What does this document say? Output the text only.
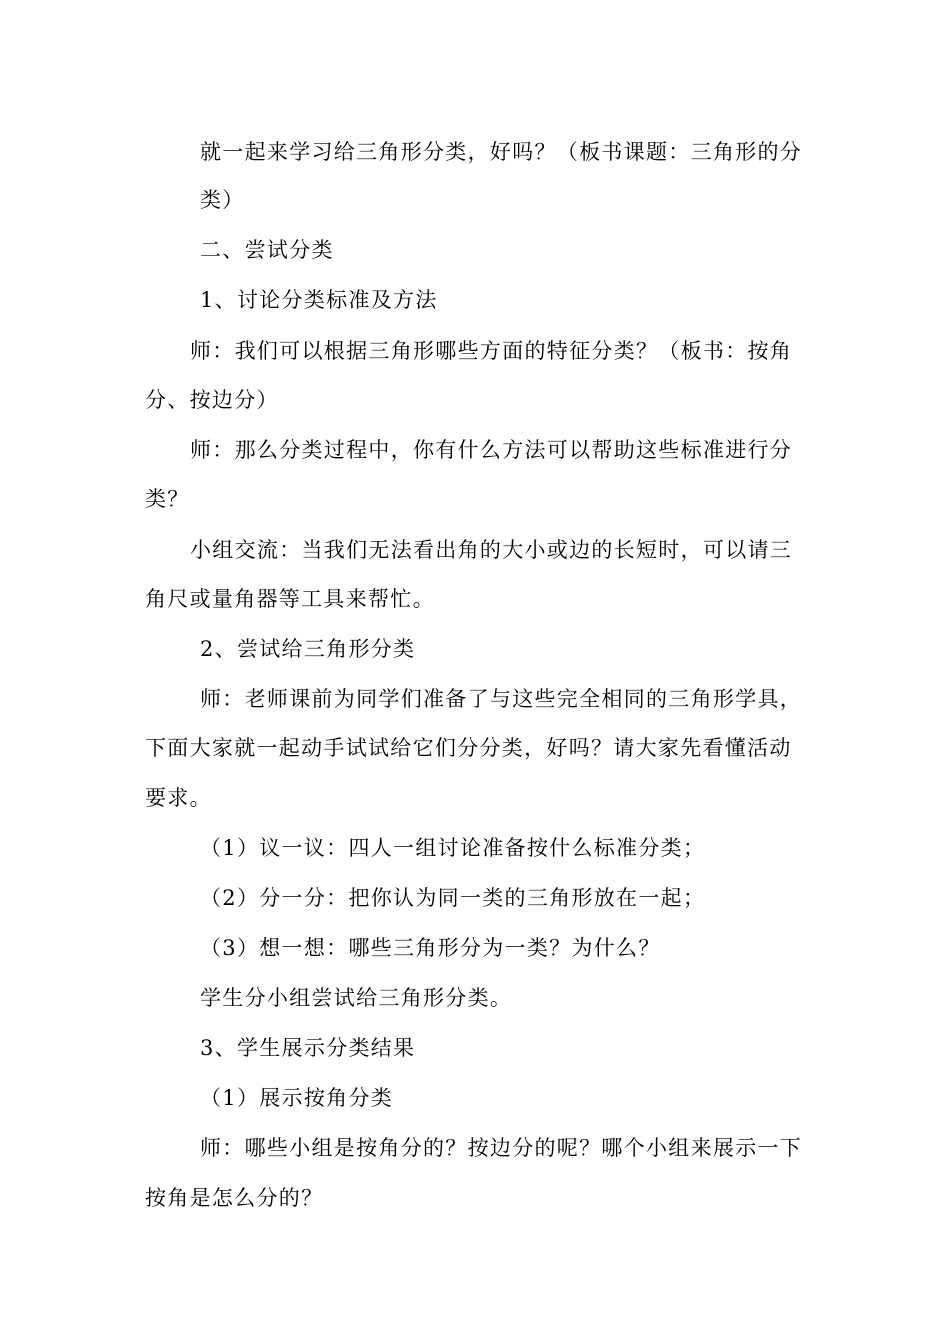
就一起来学习给三角形分类，好吗？（板书课题：三角形的分
类）
二、尝试分类
1、讨论分类标准及方法
师：我们可以根据三角形哪些方面的特征分类？（板书：按角
分、按边分）
师：那么分类过程中，你有什么方法可以帮助这些标准进行分
类？
小组交流：当我们无法看出角的大小或边的长短时，可以请三
角尺或量角器等工具来帮忙。
2、尝试给三角形分类
师：老师课前为同学们准备了与这些完全相同的三角形学具，
下面大家就一起动手试试给它们分分类，好吗？请大家先看懂活动
要求。
（1）议一议：四人一组讨论准备按什么标准分类；
（2）分一分：把你认为同一类的三角形放在一起；
（3）想一想：哪些三角形分为一类？为什么？
学生分小组尝试给三角形分类。
3、学生展示分类结果
（1）展示按角分类
师：哪些小组是按角分的？按边分的呢？哪个小组来展示一下
按角是怎么分的？
